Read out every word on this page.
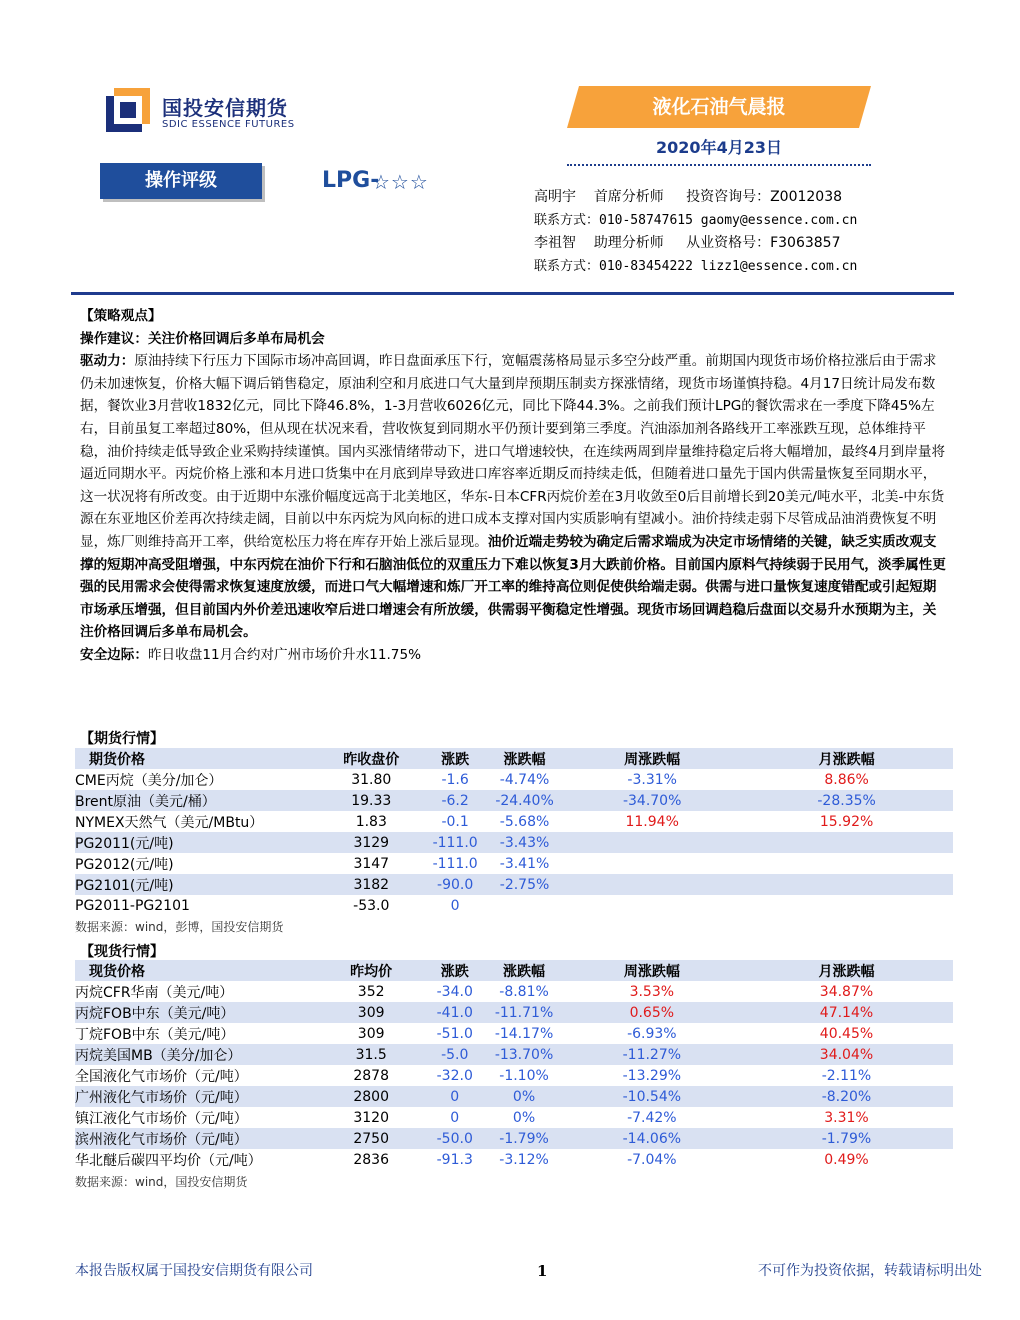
国投安信期货
SDIC ESSENCE FUTURES
液化石油气晨报
2020年4月23日
操作评级	LPG-
☆☆☆
高明宇 首席分析师 投资咨询号：Z0012038
联系方式：010-58747615 gaomy@essence.com.cn
李祖智 助理分析师 从业资格号：F3063857
联系方式：010-83454222 lizz1@essence.com.cn

【策略观点】

操作建议：关注价格回调后多单布局机会

驱动力：原油持续下行压力下国际市场冲高回调，昨日盘面承压下行，宽幅震荡格局显示多空分歧严重。前期国内现货市场价格拉涨后由于需求仍未加速恢复，价格大幅下调后销售稳定，原油利空和月底进口气大量到岸预期压制卖方探涨情绪，现货市场谨慎持稳。4月17日统计局发布数据，餐饮业3月营收1832亿元，同比下降46.8%，1-3月营收6026亿元，同比下降44.3%。之前我们预计LPG的餐饮需求在一季度下降45%左右，目前虽复工率超过80%，但从现在状况来看，营收恢复到同期水平仍预计要到第三季度。汽油添加剂各路线开工率涨跌互现，总体维持平稳，油价持续走低导致企业采购持续谨慎。国内买涨情绪带动下，进口气增速较快，在连续两周到岸量维持稳定后将大幅增加，最终4月到岸量将逼近同期水平。丙烷价格上涨和本月进口货集中在月底到岸导致进口库容率近期反而持续走低，但随着进口量先于国内供需量恢复至同期水平，这一状况将有所改变。由于近期中东涨价幅度远高于北美地区，华东-日本CFR丙烷价差在3月收敛至0后目前增长到20美元/吨水平，北美-中东货源在东亚地区价差再次持续走阔，目前以中东丙烷为风向标的进口成本支撑对国内实质影响有望减小。油价持续走弱下尽管成品油消费恢复不明显，炼厂则维持高开工率，供给宽松压力将在库存开始上涨后显现。油价近端走势较为确定后需求端成为决定市场情绪的关键，缺乏实质改观支撑的短期冲高受阻增强，中东丙烷在油价下行和石脑油低位的双重压力下难以恢复3月大跌前价格。目前国内原料气持续弱于民用气，淡季属性更强的民用需求会使得需求恢复速度放缓，而进口气大幅增速和炼厂开工率的维持高位则促使供给端走弱。供需与进口量恢复速度错配或引起短期市场承压增强，但目前国内外价差迅速收窄后进口增速会有所放缓，供需弱平衡稳定性增强。现货市场回调趋稳后盘面以交易升水预期为主，关注价格回调后多单布局机会。

安全边际：昨日收盘11月合约对广州市场价升水11.75%

【期货行情】
期货价格	昨收盘价	涨跌	涨跌幅	周涨跌幅	月涨跌幅
CME丙烷（美分/加仑）	31.80	-1.6	-4.74%	-3.31%	8.86%
Brent原油（美元/桶）	19.33	-6.2	-24.40%	-34.70%	-28.35%
NYMEX天然气（美元/MBtu）	1.83	-0.1	-5.68%	11.94%	15.92%
PG2011(元/吨)	3129	-111.0	-3.43%		
PG2012(元/吨)	3147	-111.0	-3.41%		
PG2101(元/吨)	3182	-90.0	-2.75%		
PG2011-PG2101	-53.0	0			
数据来源：wind，彭博，国投安信期货
【现货行情】
现货价格	昨均价	涨跌	涨跌幅	周涨跌幅	月涨跌幅
丙烷CFR华南（美元/吨）	352	-34.0	-8.81%	3.53%	34.87%
丙烷FOB中东（美元/吨）	309	-41.0	-11.71%	0.65%	47.14%
丁烷FOB中东（美元/吨）	309	-51.0	-14.17%	-6.93%	40.45%
丙烷美国MB（美分/加仑）	31.5	-5.0	-13.70%	-11.27%	34.04%
全国液化气市场价（元/吨）	2878	-32.0	-1.10%	-13.29%	-2.11%
广州液化气市场价（元/吨）	2800	0	0%	-10.54%	-8.20%
镇江液化气市场价（元/吨）	3120	0	0%	-7.42%	3.31%
滨州液化气市场价（元/吨）	2750	-50.0	-1.79%	-14.06%	-1.79%
华北醚后碳四平均价（元/吨）	2836	-91.3	-3.12%	-7.04%	0.49%
数据来源：wind，国投安信期货
本报告版权属于国投安信期货有限公司	1	不可作为投资依据，转载请标明出处
